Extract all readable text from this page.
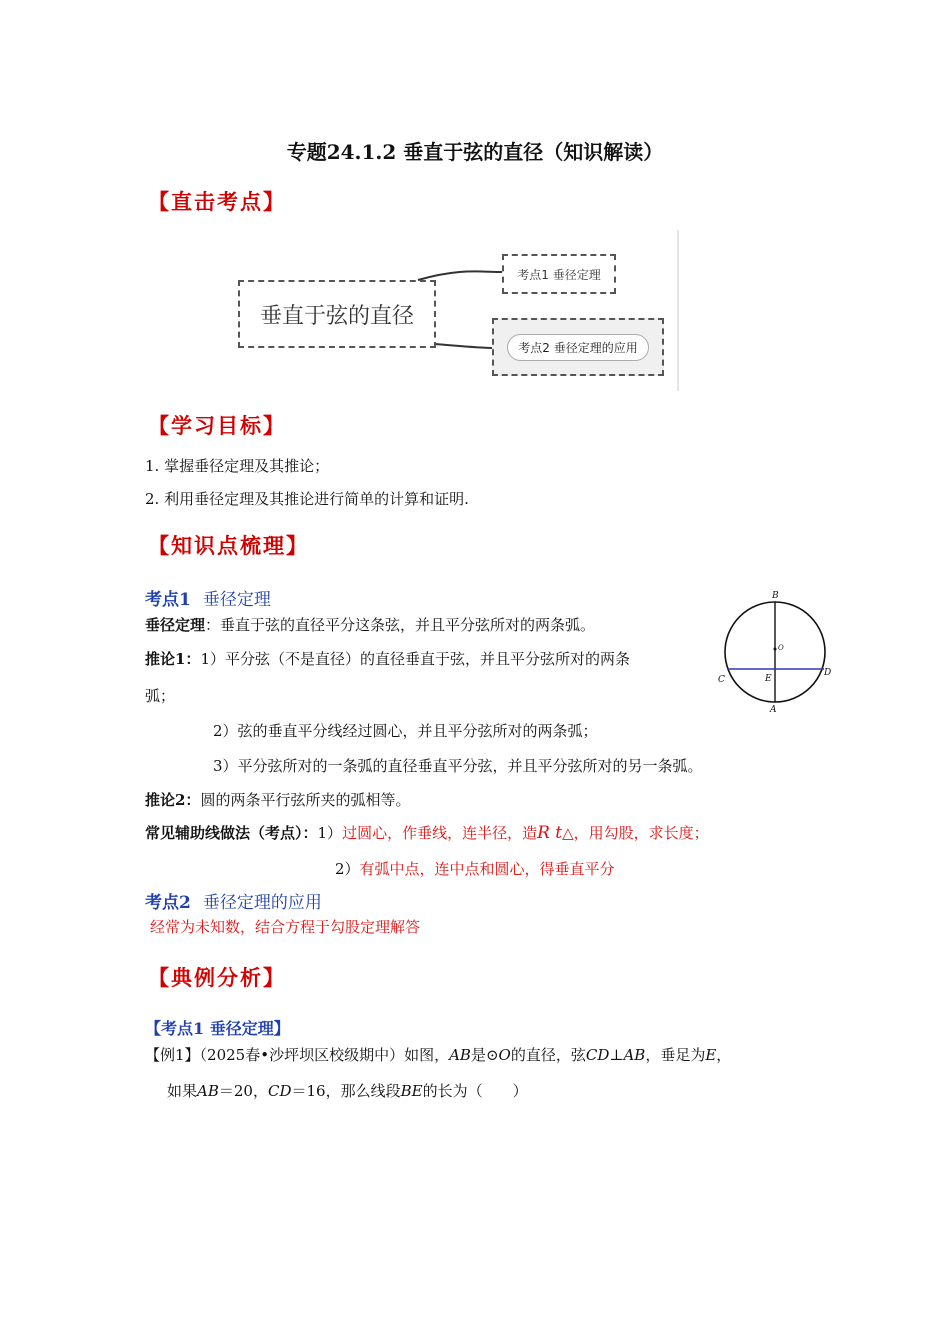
专题24.1.2 垂直于弦的直径（知识解读）
【直击考点】
垂直于弦的直径
考点1 垂径定理
考点2 垂径定理的应用
【学习目标】
1. 掌握垂径定理及其推论；
2. 利用垂径定理及其推论进行简单的计算和证明.
【知识点梳理】
考点1 垂径定理
垂径定理：垂直于弦的直径平分这条弦，并且平分弦所对的两条弧。
推论1：1）平分弦（不是直径）的直径垂直于弦，并且平分弦所对的两条
弧；
2）弦的垂直平分线经过圆心，并且平分弦所对的两条弧；
3）平分弦所对的一条弧的直径垂直平分弦，并且平分弦所对的另一条弧。
推论2：圆的两条平行弦所夹的弧相等。
常见辅助线做法（考点）：1）过圆心，作垂线，连半径，造R t△，用勾股，求长度；
2）有弧中点，连中点和圆心，得垂直平分
考点2 垂径定理的应用
经常为未知数，结合方程于勾股定理解答
【典例分析】
【考点1 垂径定理】
【例1】（2025春•沙坪坝区校级期中）如图，AB是⊙O的直径，弦CD⊥AB，垂足为E，
如果AB＝20，CD＝16，那么线段BE的长为（　　）
B
O
C	E
D
A
